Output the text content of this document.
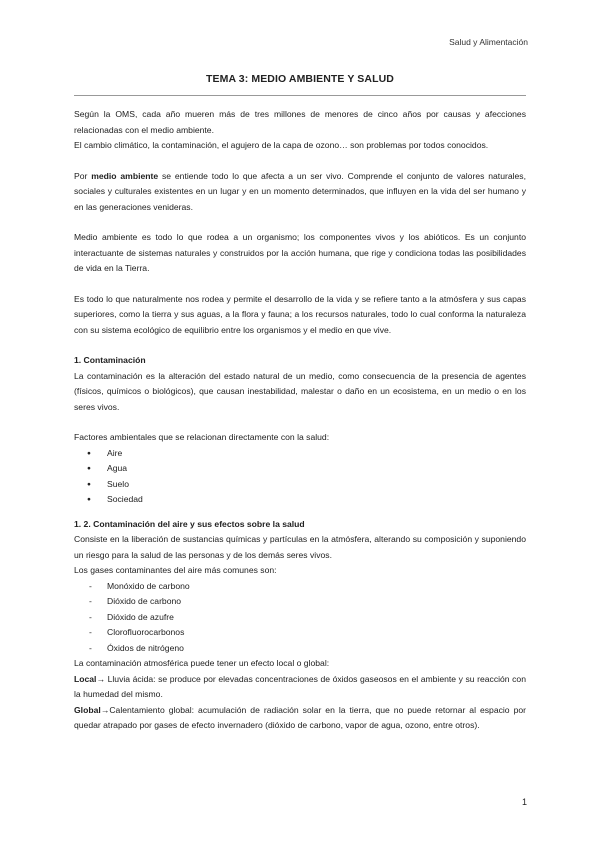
Salud y Alimentación
TEMA 3: MEDIO AMBIENTE Y SALUD

Según la OMS, cada año mueren más de tres millones de menores de cinco años por causas y afecciones relacionadas con el medio ambiente.

El cambio climático, la contaminación, el agujero de la capa de ozono… son problemas por todos conocidos.

Por medio ambiente se entiende todo lo que afecta a un ser vivo. Comprende el conjunto de valores naturales, sociales y culturales existentes en un lugar y en un momento determinados, que influyen en la vida del ser humano y en las generaciones venideras.

Medio ambiente es todo lo que rodea a un organismo; los componentes vivos y los abióticos. Es un conjunto interactuante de sistemas naturales y construidos por la acción humana, que rige y condiciona todas las posibilidades de vida en la Tierra.

Es todo lo que naturalmente nos rodea y permite el desarrollo de la vida y se refiere tanto a la atmósfera y sus capas superiores, como la tierra y sus aguas, a la flora y fauna; a los recursos naturales, todo lo cual conforma la naturaleza con su sistema ecológico de equilibrio entre los organismos y el medio en que vive.

1. Contaminación

La contaminación es la alteración del estado natural de un medio, como consecuencia de la presencia de agentes (físicos, químicos o biológicos), que causan inestabilidad, malestar o daño en un ecosistema, en un medio o en los seres vivos.

Factores ambientales que se relacionan directamente con la salud:

● Aire
● Agua
● Suelo
● Sociedad

1. 2. Contaminación del aire y sus efectos sobre la salud

Consiste en la liberación de sustancias químicas y partículas en la atmósfera, alterando su composición y suponiendo un riesgo para la salud de las personas y de los demás seres vivos.

Los gases contaminantes del aire más comunes son:

- Monóxido de carbono
- Dióxido de carbono
- Dióxido de azufre
- Clorofluorocarbonos
- Óxidos de nitrógeno

La contaminación atmosférica puede tener un efecto local o global:

Local→ Lluvia ácida: se produce por elevadas concentraciones de óxidos gaseosos en el ambiente y su reacción con la humedad del mismo.

Global→Calentamiento global: acumulación de radiación solar en la tierra, que no puede retornar al espacio por quedar atrapado por gases de efecto invernadero (dióxido de carbono, vapor de agua, ozono, entre otros).

1
